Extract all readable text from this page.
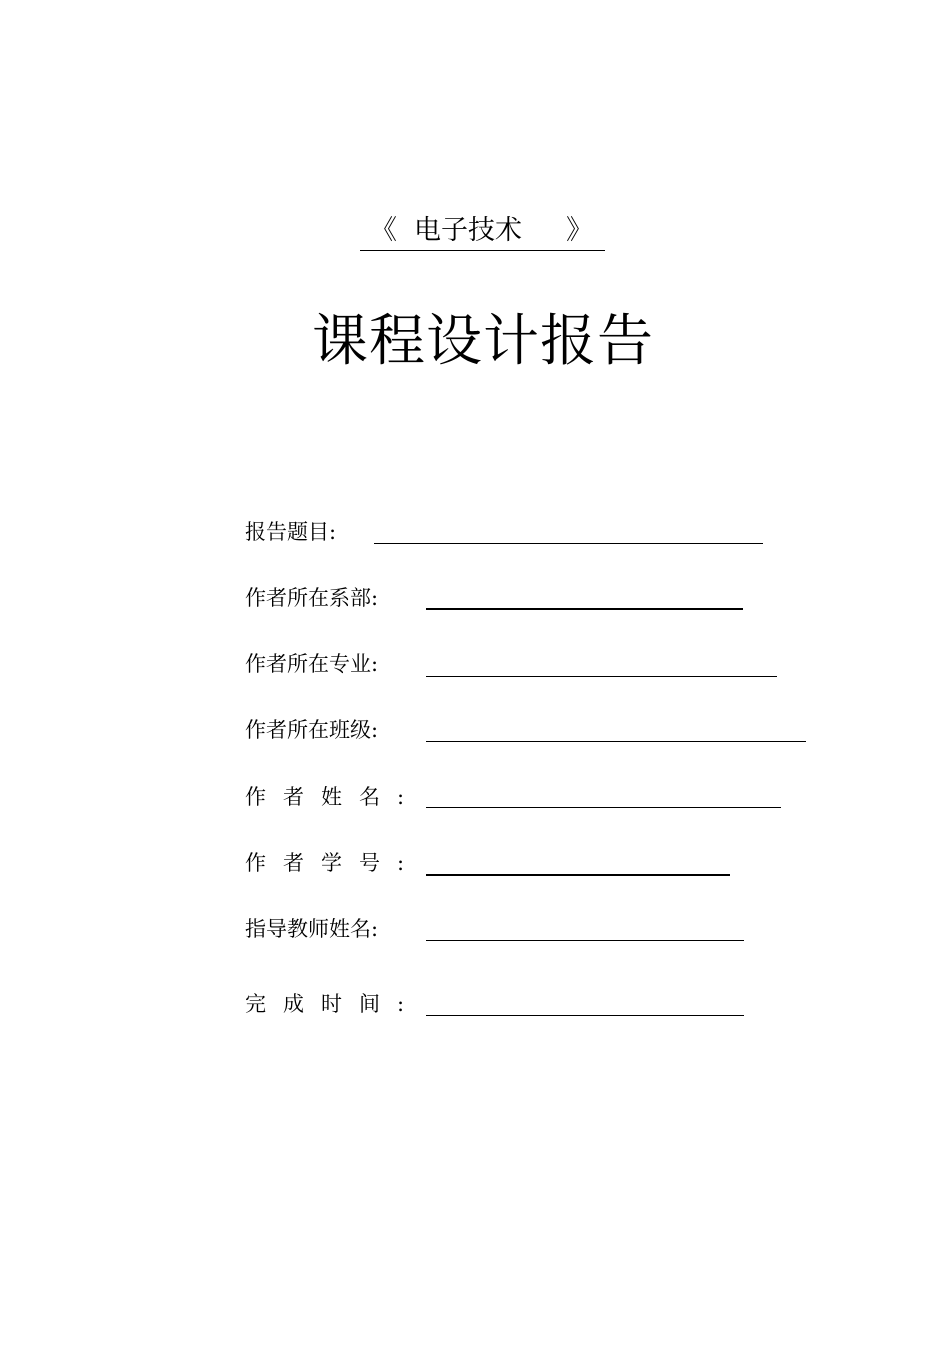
《 电子技术 》
课程设计报告
报告题目:
作者所在系部:
作者所在专业:
作者所在班级:
作者姓名:
作者学号:
指导教师姓名:
完成时间:
